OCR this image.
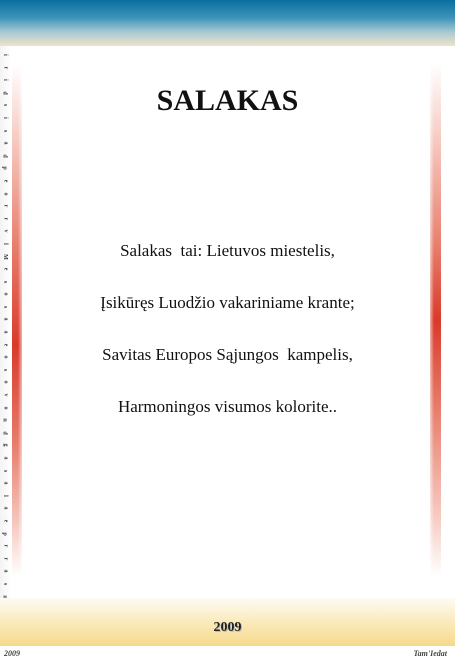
i
r
i
d
s
i
s
a
d
p
e
o
r
r
v
l
M
e
s
o
s
a
a
e
o
s
o
v
o
n
d
g
a
s
a
l
a
e
p
r
r
a
s
n
SALAKAS
Salakas  tai: Lietuvos miestelis,
Įsikūręs Luodžio vakariniame krante;
Savitas Europos Sąjungos  kampelis,
Harmoningos visumos kolorite..
2009
2009	Tam'Iedat
